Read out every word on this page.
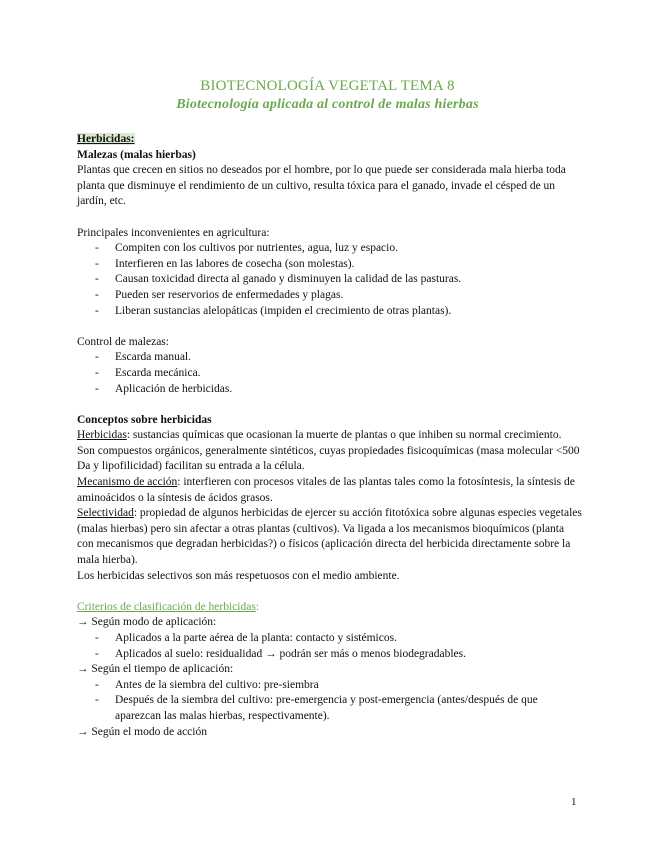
BIOTECNOLOGÍA VEGETAL TEMA 8
Biotecnología aplicada al control de malas hierbas

Herbicidas:

Malezas (malas hierbas)

Plantas que crecen en sitios no deseados por el hombre, por lo que puede ser considerada mala hierba toda planta que disminuye el rendimiento de un cultivo, resulta tóxica para el ganado, invade el césped de un jardín, etc.

Principales inconvenientes en agricultura:

- Compiten con los cultivos por nutrientes, agua, luz y espacio.
- Interfieren en las labores de cosecha (son molestas).
- Causan toxicidad directa al ganado y disminuyen la calidad de las pasturas.
- Pueden ser reservorios de enfermedades y plagas.
- Liberan sustancias alelopáticas (impiden el crecimiento de otras plantas).

Control de malezas:

- Escarda manual.
- Escarda mecánica.
- Aplicación de herbicidas.

Conceptos sobre herbicidas

Herbicidas: sustancias químicas que ocasionan la muerte de plantas o que inhiben su normal crecimiento. Son compuestos orgánicos, generalmente sintéticos, cuyas propiedades fisicoquímicas (masa molecular <500 Da y lipofilicidad) facilitan su entrada a la célula.

Mecanismo de acción: interfieren con procesos vitales de las plantas tales como la fotosíntesis, la síntesis de aminoácidos o la síntesis de ácidos grasos.

Selectividad: propiedad de algunos herbicidas de ejercer su acción fitotóxica sobre algunas especies vegetales (malas hierbas) pero sin afectar a otras plantas (cultivos). Va ligada a los mecanismos bioquímicos (planta con mecanismos que degradan herbicidas?) o físicos (aplicación directa del herbicida directamente sobre la mala hierba).

Los herbicidas selectivos son más respetuosos con el medio ambiente.

Criterios de clasificación de herbicidas:

→ Según modo de aplicación:

- Aplicados a la parte aérea de la planta: contacto y sistémicos.
- Aplicados al suelo: residualidad → podrán ser más o menos biodegradables.

→ Según el tiempo de aplicación:

- Antes de la siembra del cultivo: pre-siembra
- Después de la siembra del cultivo: pre-emergencia y post-emergencia (antes/después de que aparezcan las malas hierbas, respectivamente).

→ Según el modo de acción

1
